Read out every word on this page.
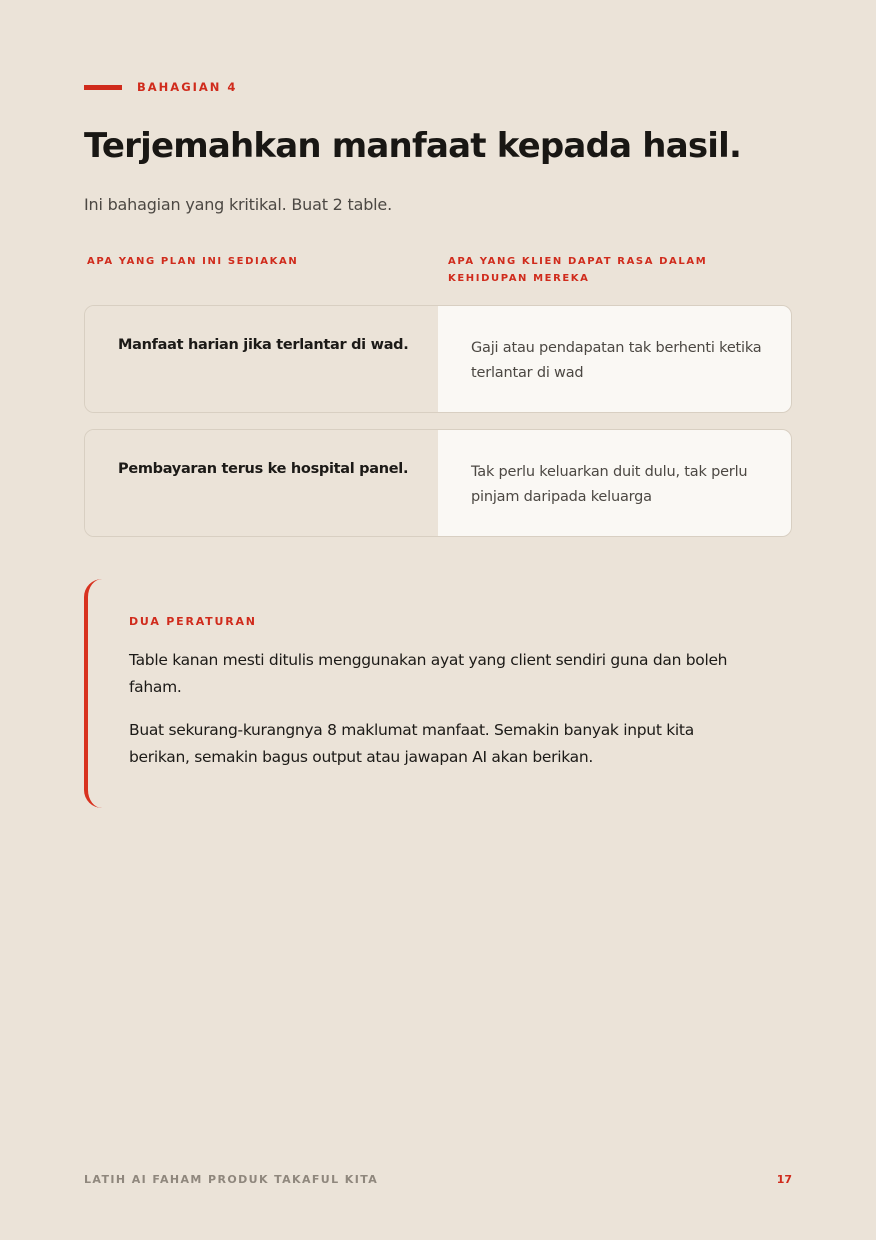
BAHAGIAN 4
Terjemahkan manfaat kepada hasil.
Ini bahagian yang kritikal. Buat 2 table.
APA YANG PLAN INI SEDIAKAN	APA YANG KLIEN DAPAT RASA DALAM KEHIDUPAN MEREKA
Manfaat harian jika terlantar di wad.	Gaji atau pendapatan tak berhenti ketika terlantar di wad
Pembayaran terus ke hospital panel.	Tak perlu keluarkan duit dulu, tak perlu pinjam daripada keluarga
DUA PERATURAN

Table kanan mesti ditulis menggunakan ayat yang client sendiri guna dan boleh faham.

Buat sekurang-kurangnya 8 maklumat manfaat. Semakin banyak input kita berikan, semakin bagus output atau jawapan AI akan berikan.

LATIH AI FAHAM PRODUK TAKAFUL KITA	17
